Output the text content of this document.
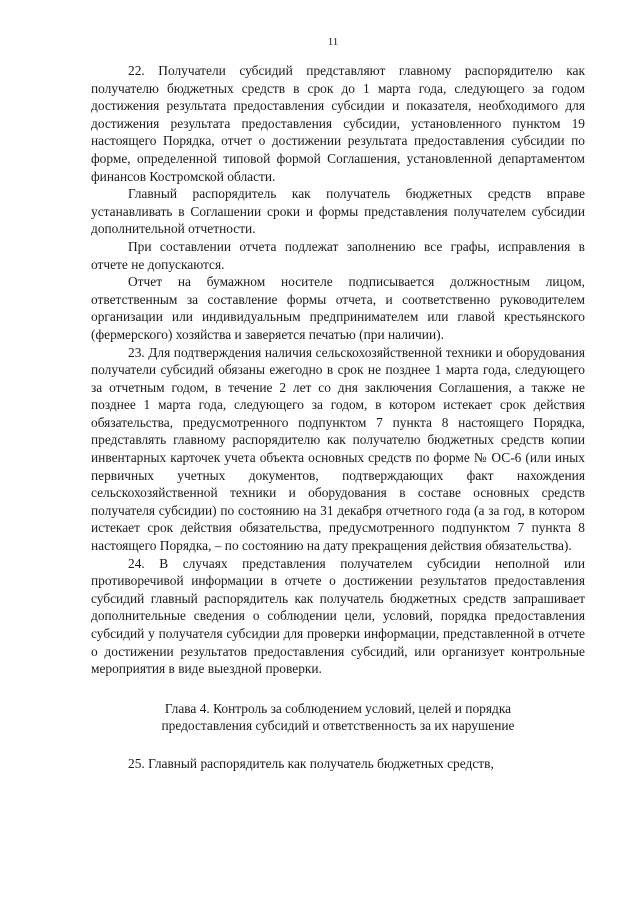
11

22. Получатели субсидий представляют главному распорядителю как получателю бюджетных средств в срок до 1 марта года, следующего за годом достижения результата предоставления субсидии и показателя, необходимого для достижения результата предоставления субсидии, установленного пунктом 19 настоящего Порядка, отчет о достижении результата предоставления субсидии по форме, определенной типовой формой Соглашения, установленной департаментом финансов Костромской области.

Главный распорядитель как получатель бюджетных средств вправе устанавливать в Соглашении сроки и формы представления получателем субсидии дополнительной отчетности.

При составлении отчета подлежат заполнению все графы, исправления в отчете не допускаются.

Отчет на бумажном носителе подписывается должностным лицом, ответственным за составление формы отчета, и соответственно руководителем организации или индивидуальным предпринимателем или главой крестьянского (фермерского) хозяйства и заверяется печатью (при наличии).

23. Для подтверждения наличия сельскохозяйственной техники и оборудования получатели субсидий обязаны ежегодно в срок не позднее 1 марта года, следующего за отчетным годом, в течение 2 лет со дня заключения Соглашения, а также не позднее 1 марта года, следующего за годом, в котором истекает срок действия обязательства, предусмотренного подпунктом 7 пункта 8 настоящего Порядка, представлять главному распорядителю как получателю бюджетных средств копии инвентарных карточек учета объекта основных средств по форме № ОС-6 (или иных первичных учетных документов, подтверждающих факт нахождения сельскохозяйственной техники и оборудования в составе основных средств получателя субсидии) по состоянию на 31 декабря отчетного года (а за год, в котором истекает срок действия обязательства, предусмотренного подпунктом 7 пункта 8 настоящего Порядка, – по состоянию на дату прекращения действия обязательства).

24. В случаях представления получателем субсидии неполной или противоречивой информации в отчете о достижении результатов предоставления субсидий главный распорядитель как получатель бюджетных средств запрашивает дополнительные сведения о соблюдении цели, условий, порядка предоставления субсидий у получателя субсидии для проверки информации, представленной в отчете о достижении результатов предоставления субсидий, или организует контрольные мероприятия в виде выездной проверки.

Глава 4. Контроль за соблюдением условий, целей и порядка предоставления субсидий и ответственность за их нарушение

25. Главный распорядитель как получатель бюджетных средств,
